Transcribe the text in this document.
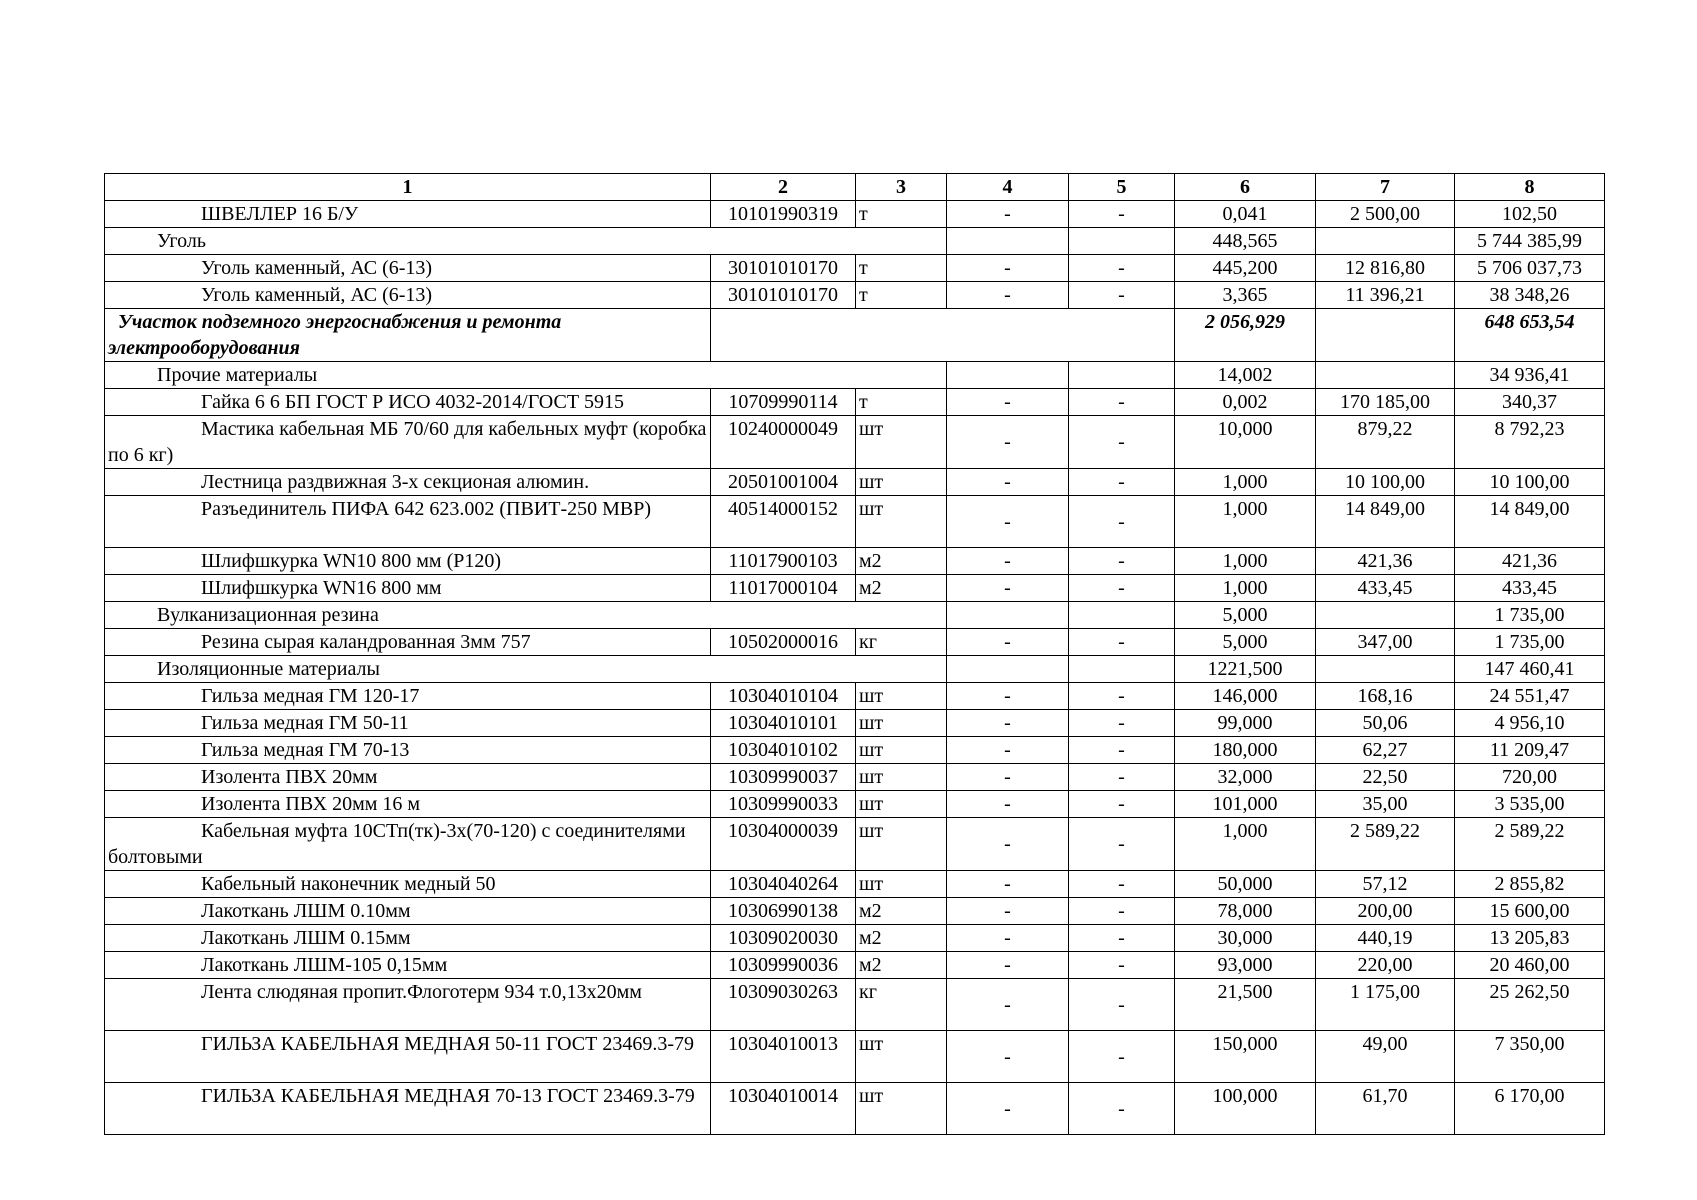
1	2	3	4	5	6	7	8
ШВЕЛЛЕР 16 Б/У	10101990319	т	-	-	0,041	2 500,00	102,50
Уголь					448,565		5 744 385,99
Уголь каменный, АС (6-13)	30101010170	т	-	-	445,200	12 816,80	5 706 037,73
Уголь каменный, АС (6-13)	30101010170	т	-	-	3,365	11 396,21	38 348,26
Участок подземного энергоснабжения и ремонта электрооборудования					2 056,929		648 653,54
Прочие материалы					14,002		34 936,41
Гайка 6 6 БП ГОСТ Р ИСО 4032-2014/ГОСТ 5915	10709990114	т	-	-	0,002	170 185,00	340,37
Мастика кабельная МБ 70/60 для кабельных муфт (коробка по 6 кг)	10240000049	шт	-	-	10,000	879,22	8 792,23
Лестница раздвижная 3-х секционая алюмин.	20501001004	шт	-	-	1,000	10 100,00	10 100,00
Разъединитель ПИФА 642 623.002 (ПВИТ-250 МВР)	40514000152	шт	-	-	1,000	14 849,00	14 849,00
Шлифшкурка WN10 800 мм (Р120)	11017900103	м2	-	-	1,000	421,36	421,36
Шлифшкурка WN16 800 мм	11017000104	м2	-	-	1,000	433,45	433,45
Вулканизационная резина					5,000		1 735,00
Резина сырая каландрованная 3мм 757	10502000016	кг	-	-	5,000	347,00	1 735,00
Изоляционные материалы					1221,500		147 460,41
Гильза медная ГМ 120-17	10304010104	шт	-	-	146,000	168,16	24 551,47
Гильза медная ГМ 50-11	10304010101	шт	-	-	99,000	50,06	4 956,10
Гильза медная ГМ 70-13	10304010102	шт	-	-	180,000	62,27	11 209,47
Изолента ПВХ 20мм	10309990037	шт	-	-	32,000	22,50	720,00
Изолента ПВХ 20мм 16 м	10309990033	шт	-	-	101,000	35,00	3 535,00
Кабельная муфта 10СТп(тк)-3х(70-120) с соединителями болтовыми	10304000039	шт	-	-	1,000	2 589,22	2 589,22
Кабельный наконечник медный 50	10304040264	шт	-	-	50,000	57,12	2 855,82
Лакоткань ЛШМ 0.10мм	10306990138	м2	-	-	78,000	200,00	15 600,00
Лакоткань ЛШМ 0.15мм	10309020030	м2	-	-	30,000	440,19	13 205,83
Лакоткань ЛШМ-105 0,15мм	10309990036	м2	-	-	93,000	220,00	20 460,00
Лента слюдяная пропит.Флоготерм 934 т.0,13х20мм	10309030263	кг	-	-	21,500	1 175,00	25 262,50
ГИЛЬЗА КАБЕЛЬНАЯ МЕДНАЯ 50-11 ГОСТ 23469.3-79	10304010013	шт	-	-	150,000	49,00	7 350,00
ГИЛЬЗА КАБЕЛЬНАЯ МЕДНАЯ 70-13 ГОСТ 23469.3-79	10304010014	шт	-	-	100,000	61,70	6 170,00
